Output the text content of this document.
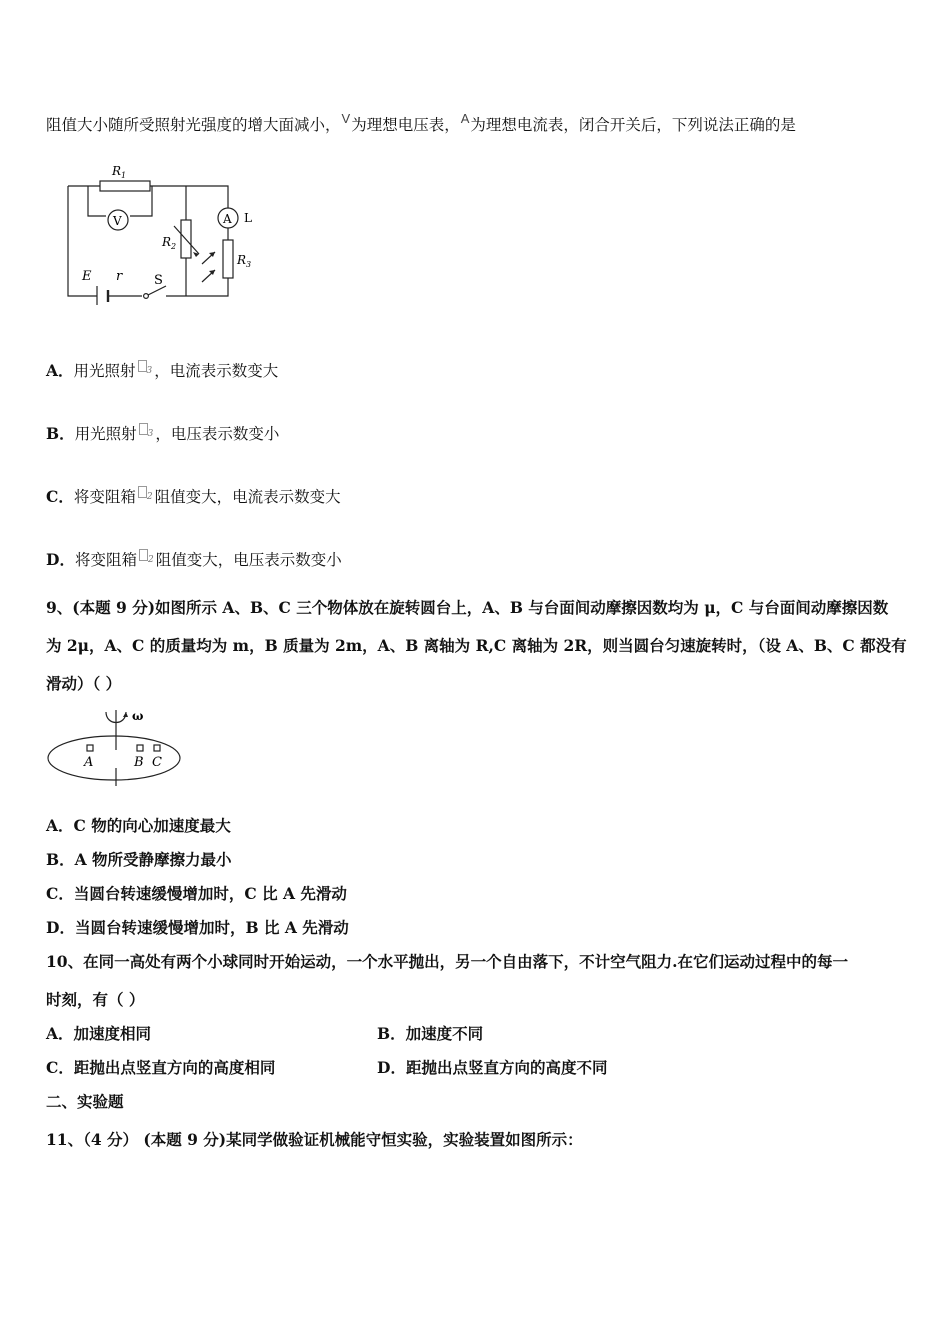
阻值大小随所受照射光强度的增大面减小，$^V$为理想电压表，$^A$为理想电流表，闭合开关后，下列说法正确的是
$R_1$
V	A L
$R_2$
$R_3$
E r S
A．用光照射 3 ，电流表示数变大
B．用光照射 3 ，电压表示数变小
C．将变阻箱 2 阻值变大，电流表示数变大
D．将变阻箱 2 阻值变大，电压表示数变小
9、(本题 9 分)如图所示 A、B、C 三个物体放在旋转圆台上，A、B 与台面间动摩擦因数均为 μ，C 与台面间动摩擦因数
为 2μ，A、C 的质量均为 m，B 质量为 2m，A、B 离轴为 R,C 离轴为 2R，则当圆台匀速旋转时，（设 A、B、C 都没有
滑动）（ ）
ω
A	B C
A．C 物的向心加速度最大
B．A 物所受静摩擦力最小
C．当圆台转速缓慢增加时，C 比 A 先滑动
D．当圆台转速缓慢增加时，B 比 A 先滑动
10、在同一高处有两个小球同时开始运动，一个水平抛出，另一个自由落下，不计空气阻力.在它们运动过程中的每一
时刻，有（ ）
A．加速度相同	B．加速度不同
C．距抛出点竖直方向的高度相同	D．距抛出点竖直方向的高度不同
二、实验题
11、（4 分） (本题 9 分)某同学做验证机械能守恒实验，实验装置如图所示：
